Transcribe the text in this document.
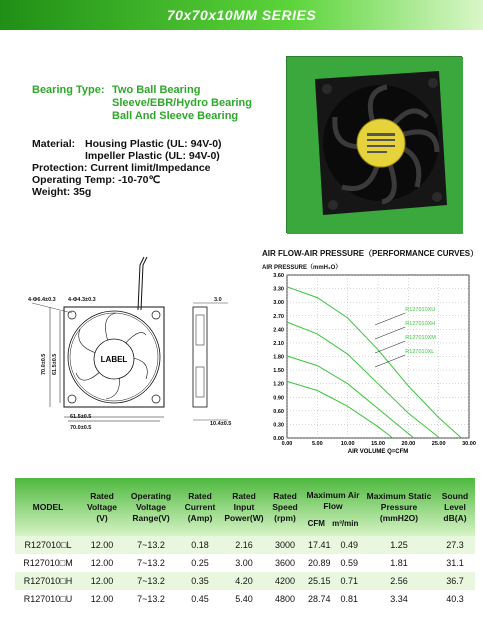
70x70x10MM SERIES
Bearing Type: Two Ball Bearing
Sleeve/EBR/Hydro Bearing
Ball And Sleeve Bearing
Material: Housing Plastic (UL: 94V-0)
Impeller Plastic (UL: 94V-0)
Protection: Current limit/Impedance
Operating Temp: -10-70℃
Weight: 35g
4-Φ6.4±0.3 4-Φ4.3±0.3	3.0
61.5±0.5
70.0±0.5
10.4±0.5
70.0±0.5 61.5±0.5	LABEL
AIR FLOW-AIR PRESSURE（PERFORMANCE CURVES）
AIR PRESSURE（mmH₂O）
0.00	5.00	10.00	15.00	20.00	25.00	30.00
0.00
0.30
0.60
0.90
1.20
1.50
1.80
2.10
2.40
2.70
3.00
3.30
3.60
R127010XU
R127010XH
R127010XM
R127010XL
AIR VOLUME Q=CFM
MODEL	Rated Voltage (V)	Operating Voltage Range(V)	Rated Current (Amp)	Rated Input Power(W)	Rated Speed (rpm)	Maximum Air Flow
CFM m³/min	Maximum Static Pressure (mmH2O)	Sound Level dB(A)
R127010□L	12.00	7~13.2	0.18	2.16	3000	17.41 0.49	1.25	27.3
R127010□M	12.00	7~13.2	0.25	3.00	3600	20.89 0.59	1.81	31.1
R127010□H	12.00	7~13.2	0.35	4.20	4200	25.15 0.71	2.56	36.7
R127010□U	12.00	7~13.2	0.45	5.40	4800	28.74 0.81	3.34	40.3
